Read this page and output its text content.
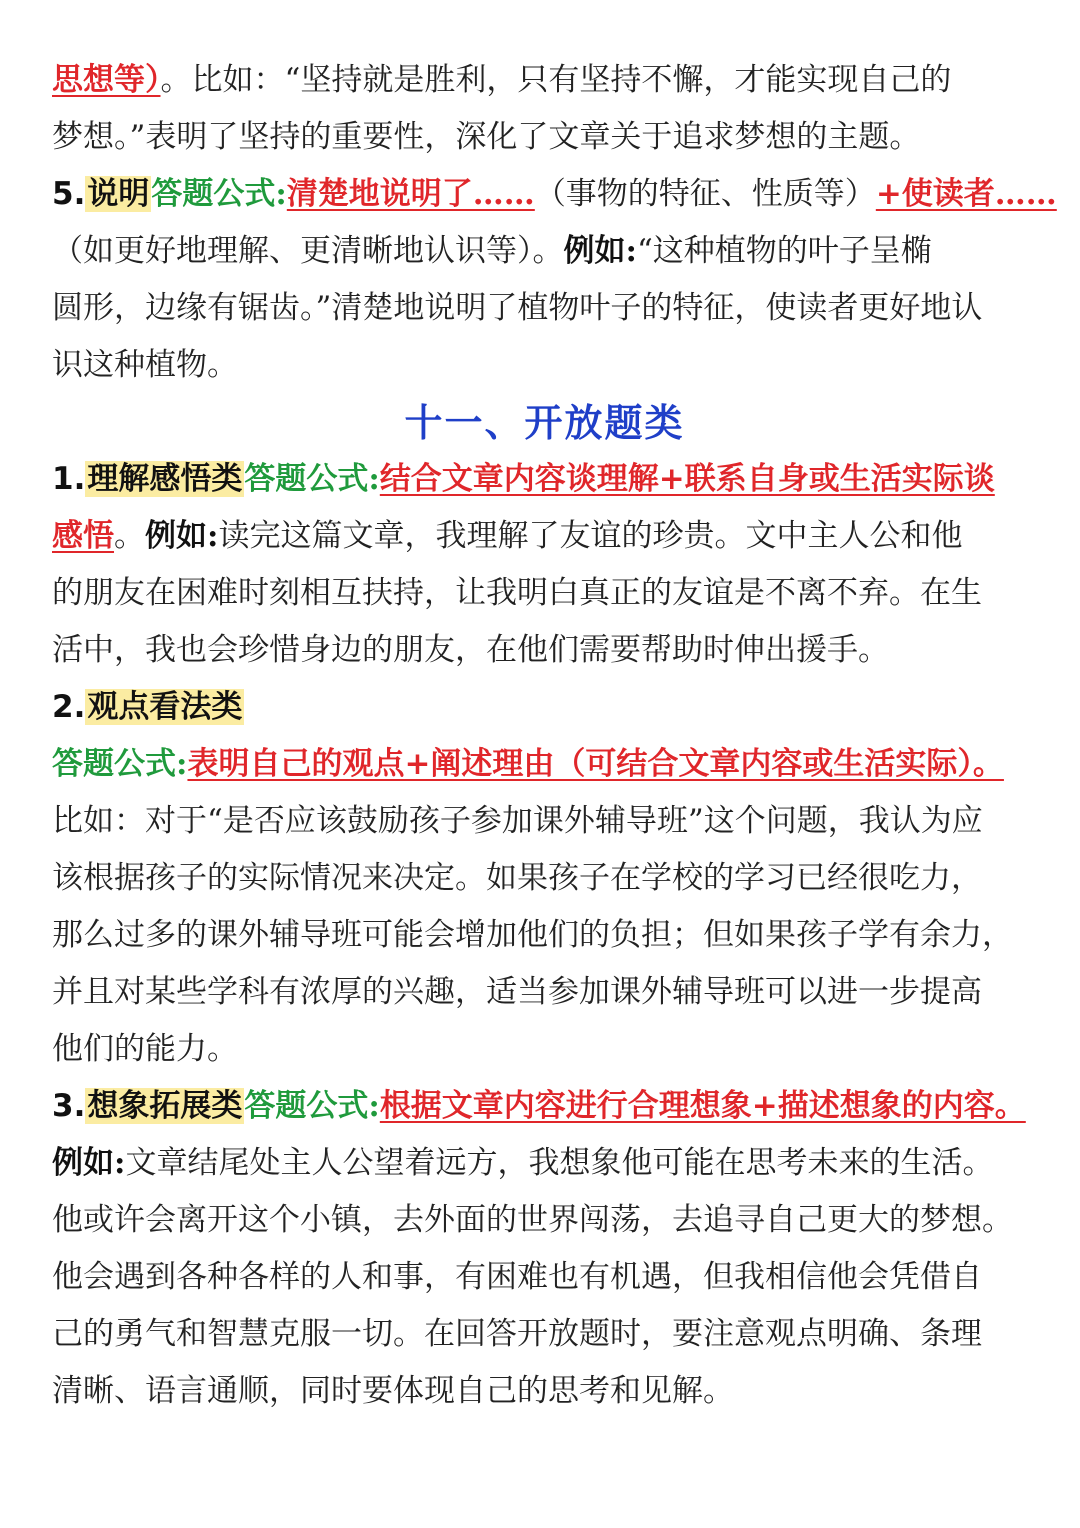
思想等）。比如：“坚持就是胜利，只有坚持不懈，才能实现自己的
梦想。”表明了坚持的重要性，深化了文章关于追求梦想的主题。
5.说明答题公式:清楚地说明了……（事物的特征、性质等）+使读者……
（如更好地理解、更清晰地认识等）。例如:“这种植物的叶子呈椭
圆形，边缘有锯齿。”清楚地说明了植物叶子的特征，使读者更好地认
识这种植物。
十一、开放题类
1.理解感悟类答题公式:结合文章内容谈理解+联系自身或生活实际谈
感悟。例如:读完这篇文章，我理解了友谊的珍贵。文中主人公和他
的朋友在困难时刻相互扶持，让我明白真正的友谊是不离不弃。在生
活中，我也会珍惜身边的朋友，在他们需要帮助时伸出援手。
2.观点看法类
答题公式:表明自己的观点+阐述理由（可结合文章内容或生活实际）。
比如：对于“是否应该鼓励孩子参加课外辅导班”这个问题，我认为应
该根据孩子的实际情况来决定。如果孩子在学校的学习已经很吃力，
那么过多的课外辅导班可能会增加他们的负担；但如果孩子学有余力，
并且对某些学科有浓厚的兴趣，适当参加课外辅导班可以进一步提高
他们的能力。
3.想象拓展类答题公式:根据文章内容进行合理想象+描述想象的内容。
例如:文章结尾处主人公望着远方，我想象他可能在思考未来的生活。
他或许会离开这个小镇，去外面的世界闯荡，去追寻自己更大的梦想。
他会遇到各种各样的人和事，有困难也有机遇，但我相信他会凭借自
己的勇气和智慧克服一切。在回答开放题时，要注意观点明确、条理
清晰、语言通顺，同时要体现自己的思考和见解。
